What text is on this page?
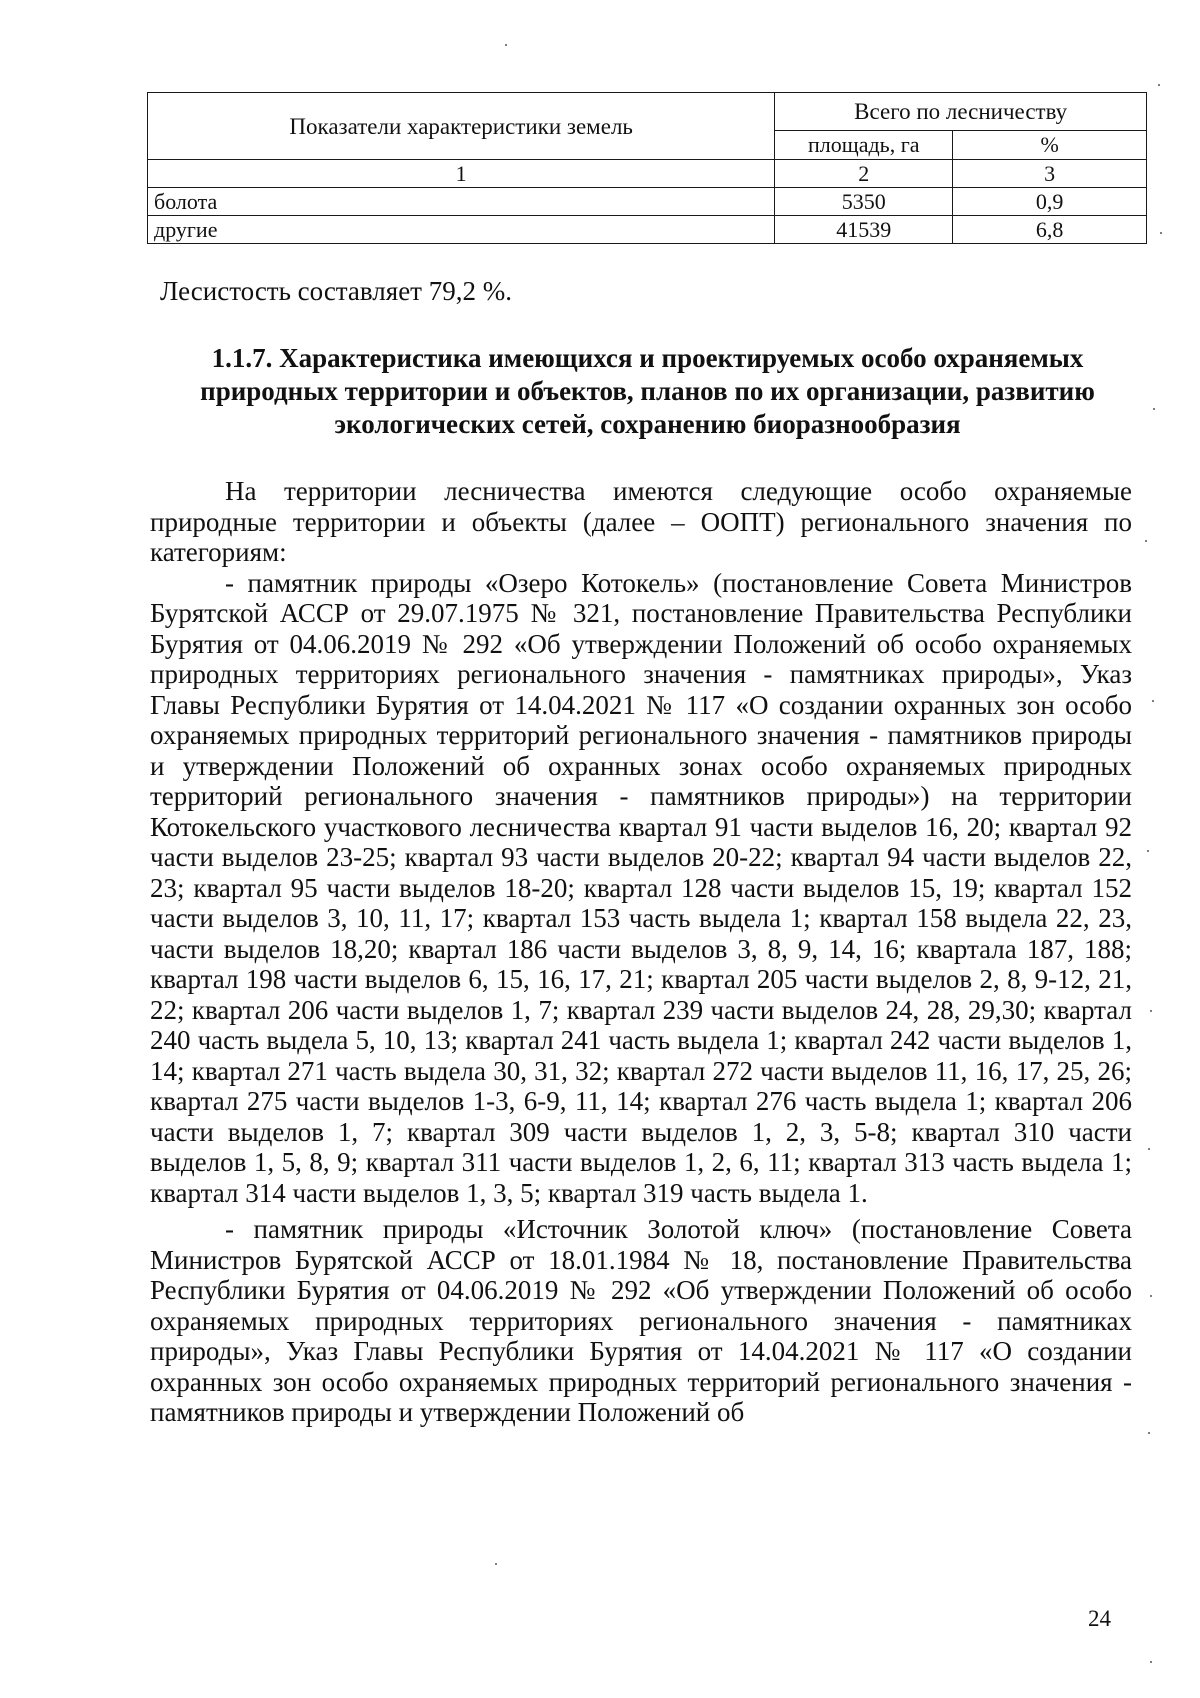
Показатели характеристики земель	Всего по лесничеству	
	площадь, га	%
1	2	3
болота	5350	0,9
другие	41539	6,8
Лесистость составляет 79,2 %.
1.1.7. Характеристика имеющихся и проектируемых особо охраняемых природных территории и объектов, планов по их организации, развитию экологических сетей, сохранению биоразнообразия

На территории лесничества имеются следующие особо охраняемые природные территории и объекты (далее – ООПТ) регионального значения по категориям:

- памятник природы «Озеро Котокель» (постановление Совета Министров Бурятской АССР от 29.07.1975 № 321, постановление Правительства Республики Бурятия от 04.06.2019 № 292 «Об утверждении Положений об особо охраняемых природных территориях регионального значения - памятниках природы», Указ Главы Республики Бурятия от 14.04.2021 № 117 «О создании охранных зон особо охраняемых природных территорий регионального значения - памятников природы и утверждении Положений об охранных зонах особо охраняемых природных территорий регионального значения - памятников природы») на территории Котокельского участкового лесничества квартал 91 части выделов 16, 20; квартал 92 части выделов 23-25; квартал 93 части выделов 20-22; квартал 94 части выделов 22, 23; квартал 95 части выделов 18-20; квартал 128 части выделов 15, 19; квартал 152 части выделов 3, 10, 11, 17; квартал 153 часть выдела 1; квартал 158 выдела 22, 23, части выделов 18,20; квартал 186 части выделов 3, 8, 9, 14, 16; квартала 187, 188; квартал 198 части выделов 6, 15, 16, 17, 21; квартал 205 части выделов 2, 8, 9-12, 21, 22; квартал 206 части выделов 1, 7; квартал 239 части выделов 24, 28, 29,30; квартал 240 часть выдела 5, 10, 13; квартал 241 часть выдела 1; квартал 242 части выделов 1, 14; квартал 271 часть выдела 30, 31, 32; квартал 272 части выделов 11, 16, 17, 25, 26; квартал 275 части выделов 1-3, 6-9, 11, 14; квартал 276 часть выдела 1; квартал 206 части выделов 1, 7; квартал 309 части выделов 1, 2, 3, 5-8; квартал 310 части выделов 1, 5, 8, 9; квартал 311 части выделов 1, 2, 6, 11; квартал 313 часть выдела 1; квартал 314 части выделов 1, 3, 5; квартал 319 часть выдела 1.

- памятник природы «Источник Золотой ключ» (постановление Совета Министров Бурятской АССР от 18.01.1984 № 18, постановление Правительства Республики Бурятия от 04.06.2019 № 292 «Об утверждении Положений об особо охраняемых природных территориях регионального значения - памятниках природы», Указ Главы Республики Бурятия от 14.04.2021 № 117 «О создании охранных зон особо охраняемых природных территорий регионального значения - памятников природы и утверждении Положений об

24
